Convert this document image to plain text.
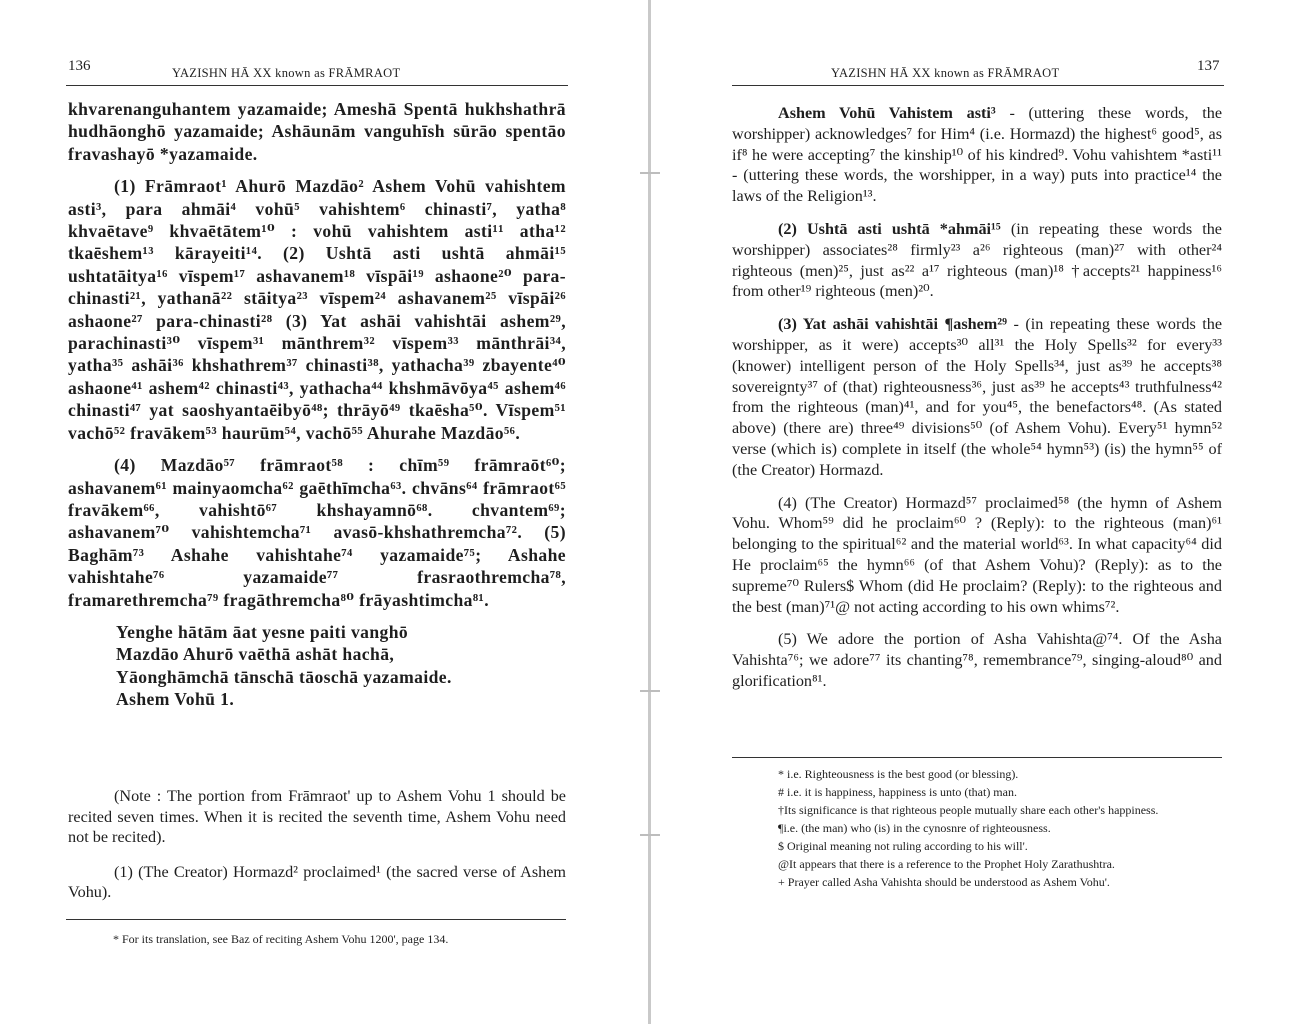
136	YAZISHN HĀ XX known as FRĀMRAOT

khvarenanguhantem yazamaide; Ameshā Spentā hukhshathrā hudhāonghō yazamaide; Ashāunām vanguhīsh sūrāo spentāo fravashayō *yazamaide.

(1) Frāmraot¹ Ahurō Mazdāo² Ashem Vohū vahishtem asti³, para ahmāi⁴ vohū⁵ vahishtem⁶ chinasti⁷, yatha⁸ khvaētave⁹ khvaētātem¹⁰ : vohū vahishtem asti¹¹ atha¹² tkaēshem¹³ kārayeiti¹⁴. (2) Ushtā asti ushtā ahmāi¹⁵ ushtatāitya¹⁶ vīspem¹⁷ ashavanem¹⁸ vīspāi¹⁹ ashaone²⁰ para-chinasti²¹, yathanā²² stāitya²³ vīspem²⁴ ashavanem²⁵ vīspāi²⁶ ashaone²⁷ para-chinasti²⁸ (3) Yat ashāi vahishtāi ashem²⁹, parachinasti³⁰ vīspem³¹ mānthrem³² vīspem³³ mānthrāi³⁴, yatha³⁵ ashāi³⁶ khshathrem³⁷ chinasti³⁸, yathacha³⁹ zbayente⁴⁰ ashaone⁴¹ ashem⁴² chinasti⁴³, yathacha⁴⁴ khshmāvōya⁴⁵ ashem⁴⁶ chinasti⁴⁷ yat saoshyantaēibyō⁴⁸; thrāyō⁴⁹ tkaēsha⁵⁰. Vīspem⁵¹ vachō⁵² fravākem⁵³ haurūm⁵⁴, vachō⁵⁵ Ahurahe Mazdāo⁵⁶.

(4) Mazdāo⁵⁷ frāmraot⁵⁸ : chīm⁵⁹ frāmraōt⁶⁰; ashavanem⁶¹ mainyaomcha⁶² gaēthīmcha⁶³. chvāns⁶⁴ frāmraot⁶⁵ fravākem⁶⁶, vahishtō⁶⁷ khshayamnō⁶⁸. chvantem⁶⁹; ashavanem⁷⁰ vahishtemcha⁷¹ avasō-khshathremcha⁷². (5) Baghām⁷³ Ashahe vahishtahe⁷⁴ yazamaide⁷⁵; Ashahe vahishtahe⁷⁶ yazamaide⁷⁷ frasraothremcha⁷⁸, framarethremcha⁷⁹ fragāthremcha⁸⁰ frāyashtimcha⁸¹.

Yenghe hātām āat yesne paiti vanghō
Mazdāo Ahurō vaēthā ashāt hachā,
Yāonghāmchā tānschā tāoschā yazamaide.
Ashem Vohū 1.

(Note : The portion from Frāmraot' up to Ashem Vohu 1 should be recited seven times. When it is recited the seventh time, Ashem Vohu need not be recited).

(1) (The Creator) Hormazd² proclaimed¹ (the sacred verse of Ashem Vohu).

* For its translation, see Baz of reciting Ashem Vohu 1200', page 134.
YAZISHN HĀ XX known as FRĀMRAOT	137

Ashem Vohū Vahistem asti³ - (uttering these words, the worshipper) acknowledges⁷ for Him⁴ (i.e. Hormazd) the highest⁶ good⁵, as if⁸ he were accepting⁷ the kinship¹⁰ of his kindred⁹. Vohu vahishtem *asti¹¹ - (uttering these words, the worshipper, in a way) puts into practice¹⁴ the laws of the Religion¹³.

(2) Ushtā asti ushtā *ahmāi¹⁵ (in repeating these words the worshipper) associates²⁸ firmly²³ a²⁶ righteous (man)²⁷ with other²⁴ righteous (men)²⁵, just as²² a¹⁷ righteous (man)¹⁸ †accepts²¹ happiness¹⁶ from other¹⁹ righteous (men)²⁰.

(3) Yat ashāi vahishtāi ¶ashem²⁹ - (in repeating these words the worshipper, as it were) accepts³⁰ all³¹ the Holy Spells³² for every³³ (knower) intelligent person of the Holy Spells³⁴, just as³⁹ he accepts³⁸ sovereignty³⁷ of (that) righteousness³⁶, just as³⁹ he accepts⁴³ truthfulness⁴² from the righteous (man)⁴¹, and for you⁴⁵, the benefactors⁴⁸. (As stated above) (there are) three⁴⁹ divisions⁵⁰ (of Ashem Vohu). Every⁵¹ hymn⁵² verse (which is) complete in itself (the whole⁵⁴ hymn⁵³) (is) the hymn⁵⁵ of (the Creator) Hormazd.

(4) (The Creator) Hormazd⁵⁷ proclaimed⁵⁸ (the hymn of Ashem Vohu. Whom⁵⁹ did he proclaim⁶⁰ ? (Reply): to the righteous (man)⁶¹ belonging to the spiritual⁶² and the material world⁶³. In what capacity⁶⁴ did He proclaim⁶⁵ the hymn⁶⁶ (of that Ashem Vohu)? (Reply): as to the supreme⁷⁰ Rulers$ Whom (did He proclaim? (Reply): to the righteous and the best (man)⁷¹@ not acting according to his own whims⁷².

(5) We adore the portion of Asha Vahishta@⁷⁴. Of the Asha Vahishta⁷⁶; we adore⁷⁷ its chanting⁷⁸, remembrance⁷⁹, singing-aloud⁸⁰ and glorification⁸¹.

* i.e. Righteousness is the best good (or blessing).

# i.e. it is happiness, happiness is unto (that) man.

†Its significance is that righteous people mutually share each other's happiness.

¶i.e. (the man) who (is) in the cynosnre of righteousness.

$ Original meaning not ruling according to his will'.

@It appears that there is a reference to the Prophet Holy Zarathushtra.

+ Prayer called Asha Vahishta should be understood as Ashem Vohu'.
